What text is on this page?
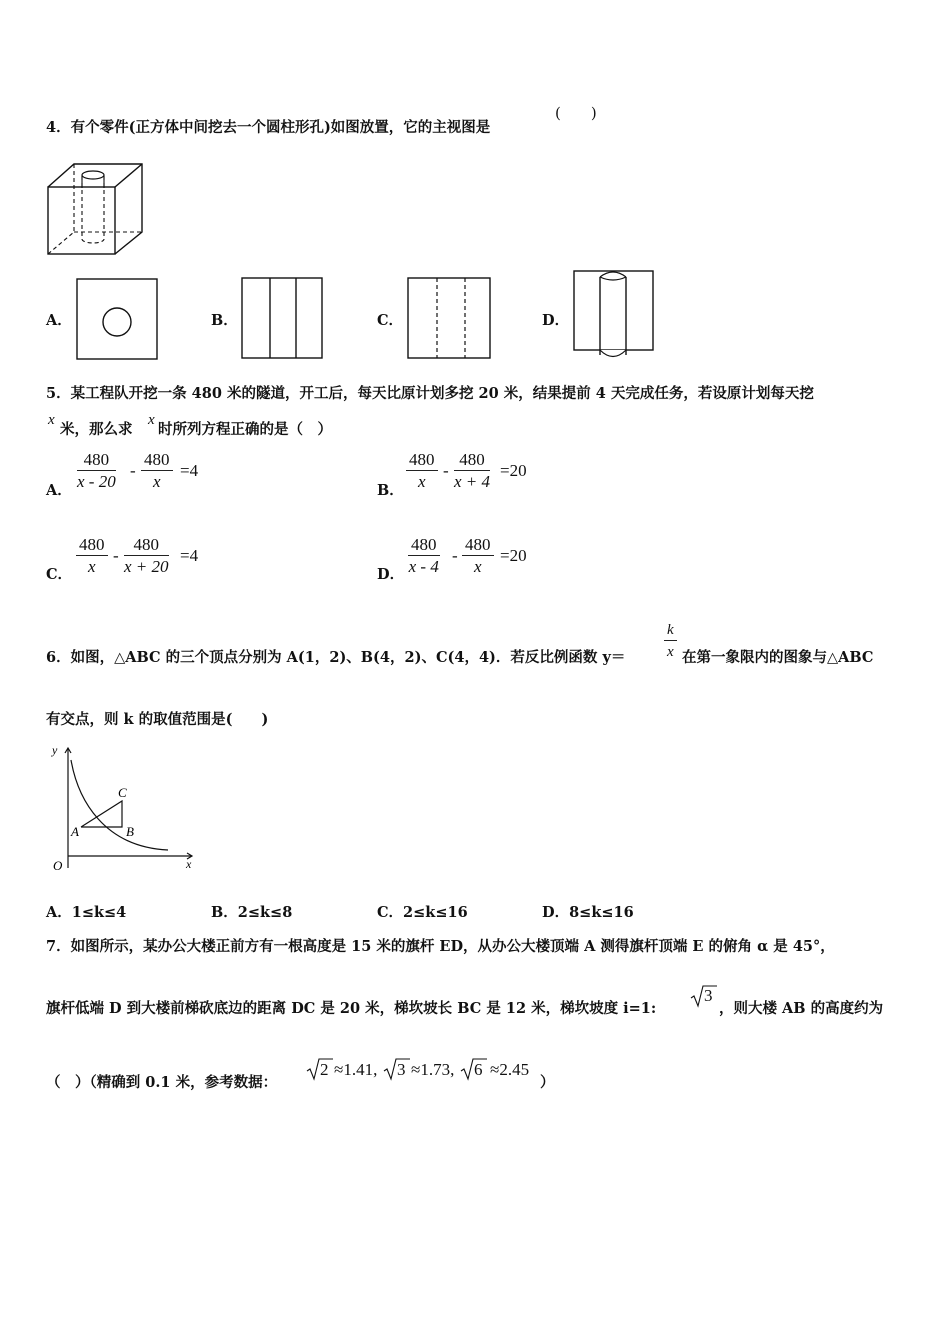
4．有个零件(正方体中间挖去一个圆柱形孔)如图放置，它的主视图是
(　　)
A．	B．	C．	D．
5．某工程队开挖一条 480 米的隧道，开工后，每天比原计划多挖 20 米，结果提前 4 天完成任务，若设原计划每天挖
x
米，那么求
x
时所列方程正确的是（　）
A． $\frac{480}{x - 20} - \frac{480}{x} =4$
B． $\frac{480}{x} - \frac{480}{x + 4} =20$
C． $\frac{480}{x} - \frac{480}{x + 20} =4$
D． $\frac{480}{x - 4} - \frac{480}{x} =20$
6．如图，△ABC 的三个顶点分别为 A(1，2)、B(4，2)、C(4，4)．若反比例函数 y＝	$\frac{k}{x}$ 在第一象限内的图象与△ABC
有交点，则 k 的取值范围是(　　)
y
x
O
A	B
C
A．1≤k≤4	B．2≤k≤8	C．2≤k≤16	D．8≤k≤16
7．如图所示，某办公大楼正前方有一根高度是 15 米的旗杆 ED，从办公大楼顶端 A 测得旗杆顶端 E 的俯角 α 是 45°，
旗杆低端 D 到大楼前梯砍底边的距离 DC 是 20 米，梯坎坡长 BC 是 12 米，梯坎坡度 i=1:
3
，则大楼 AB 的高度约为
（　）（精确到 0.1 米，参考数据：
2 ≈1.41, 3 ≈1.73, 6 ≈2.45
）
